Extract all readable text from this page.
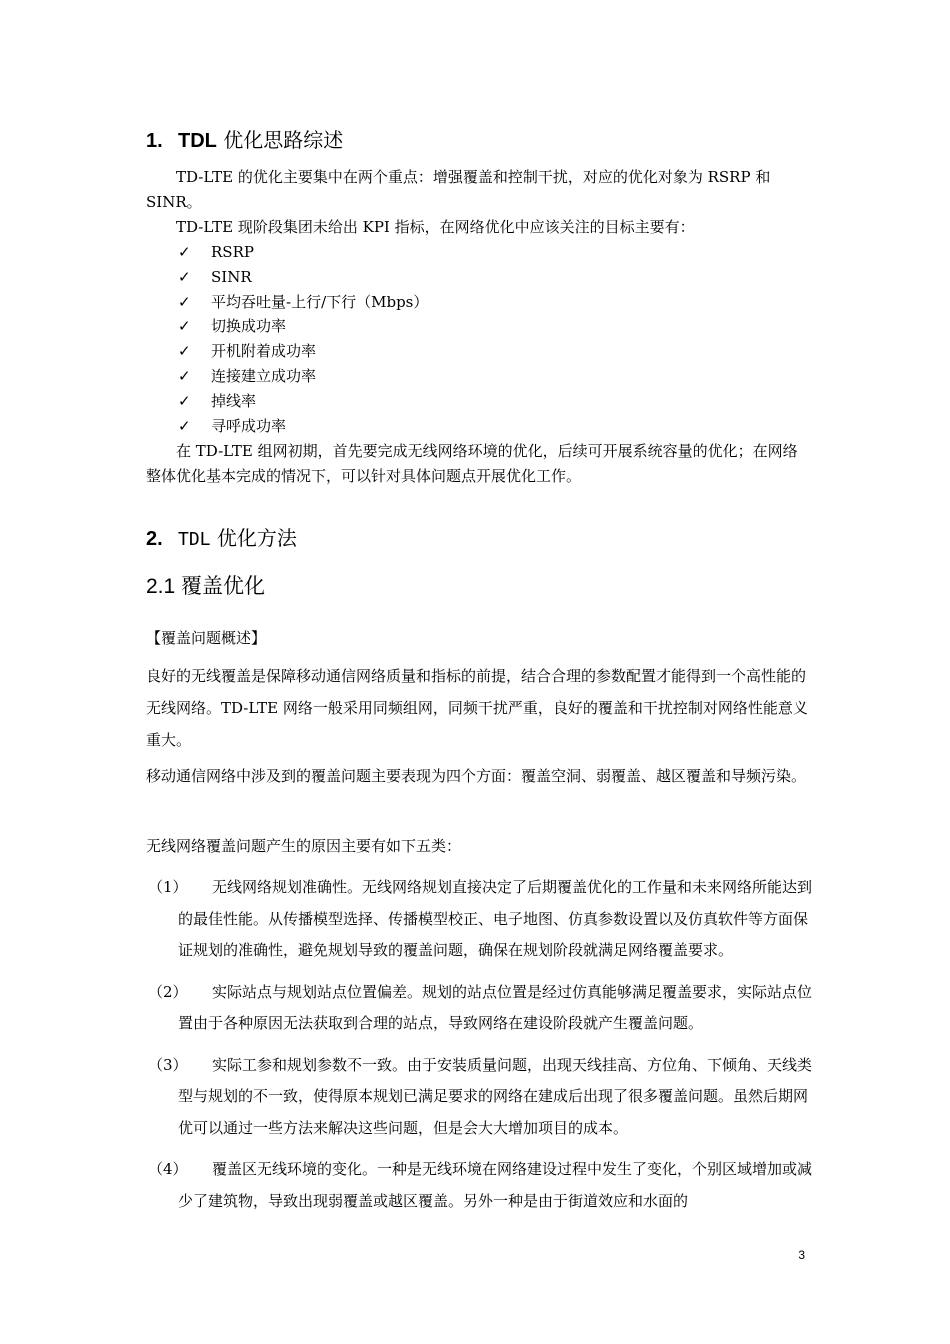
1. TDL 优化思路综述

TD-LTE 的优化主要集中在两个重点：增强覆盖和控制干扰，对应的优化对象为 RSRP 和 SINR。

TD-LTE 现阶段集团未给出 KPI 指标，在网络优化中应该关注的目标主要有：

✓	RSRP
✓	SINR
✓	平均吞吐量-上行/下行（Mbps）
✓	切换成功率
✓	开机附着成功率
✓	连接建立成功率
✓	掉线率
✓	寻呼成功率

在 TD-LTE 组网初期，首先要完成无线网络环境的优化，后续可开展系统容量的优化；在网络整体优化基本完成的情况下，可以针对具体问题点开展优化工作。

2. TDL 优化方法
2.1 覆盖优化
【覆盖问题概述】

良好的无线覆盖是保障移动通信网络质量和指标的前提，结合合理的参数配置才能得到一个高性能的无线网络。TD-LTE 网络一般采用同频组网，同频干扰严重，良好的覆盖和干扰控制对网络性能意义重大。

移动通信网络中涉及到的覆盖问题主要表现为四个方面：覆盖空洞、弱覆盖、越区覆盖和导频污染。

无线网络覆盖问题产生的原因主要有如下五类：

（1）	无线网络规划准确性。无线网络规划直接决定了后期覆盖优化的工作量和未来网络所能达到的最佳性能。从传播模型选择、传播模型校正、电子地图、仿真参数设置以及仿真软件等方面保证规划的准确性，避免规划导致的覆盖问题，确保在规划阶段就满足网络覆盖要求。
（2）	实际站点与规划站点位置偏差。规划的站点位置是经过仿真能够满足覆盖要求，实际站点位置由于各种原因无法获取到合理的站点，导致网络在建设阶段就产生覆盖问题。
（3）	实际工参和规划参数不一致。由于安装质量问题，出现天线挂高、方位角、下倾角、天线类型与规划的不一致，使得原本规划已满足要求的网络在建成后出现了很多覆盖问题。虽然后期网优可以通过一些方法来解决这些问题，但是会大大增加项目的成本。
（4）	覆盖区无线环境的变化。一种是无线环境在网络建设过程中发生了变化，个别区域增加或减少了建筑物，导致出现弱覆盖或越区覆盖。另外一种是由于街道效应和水面的
3
